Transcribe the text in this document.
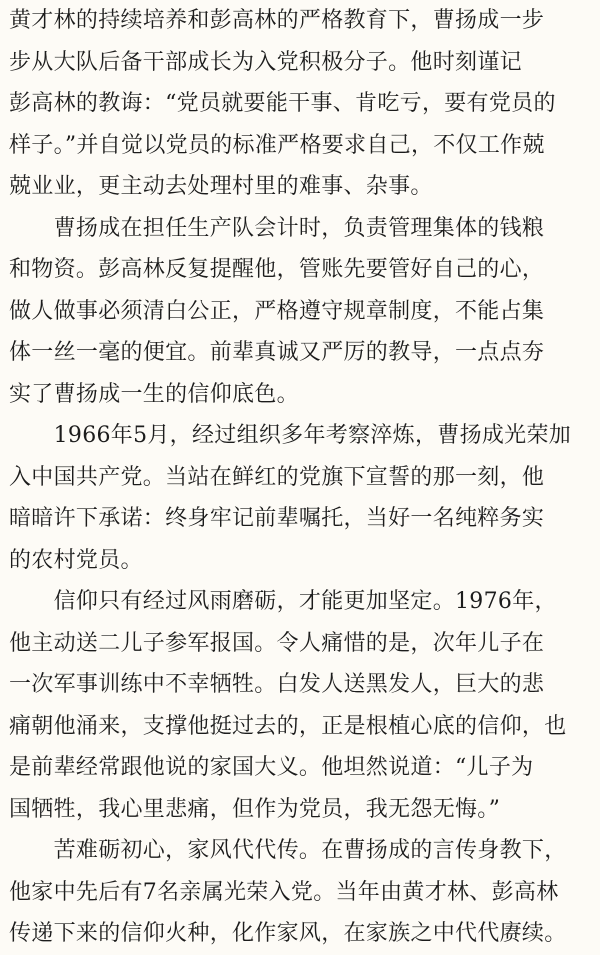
黄才林的持续培养和彭高林的严格教育下，曹扬成一步
步从大队后备干部成长为入党积极分子。他时刻谨记
彭高林的教诲：“党员就要能干事、肯吃亏，要有党员的
样子。”并自觉以党员的标准严格要求自己，不仅工作兢
兢业业，更主动去处理村里的难事、杂事。
　　曹扬成在担任生产队会计时，负责管理集体的钱粮
和物资。彭高林反复提醒他，管账先要管好自己的心，
做人做事必须清白公正，严格遵守规章制度，不能占集
体一丝一毫的便宜。前辈真诚又严厉的教导，一点点夯
实了曹扬成一生的信仰底色。
　　1966年5月，经过组织多年考察淬炼，曹扬成光荣加
入中国共产党。当站在鲜红的党旗下宣誓的那一刻，他
暗暗许下承诺：终身牢记前辈嘱托，当好一名纯粹务实
的农村党员。
　　信仰只有经过风雨磨砺，才能更加坚定。1976年，
他主动送二儿子参军报国。令人痛惜的是，次年儿子在
一次军事训练中不幸牺牲。白发人送黑发人，巨大的悲
痛朝他涌来，支撑他挺过去的，正是根植心底的信仰，也
是前辈经常跟他说的家国大义。他坦然说道：“儿子为
国牺牲，我心里悲痛，但作为党员，我无怨无悔。”
　　苦难砺初心，家风代代传。在曹扬成的言传身教下，
他家中先后有7名亲属光荣入党。当年由黄才林、彭高林
传递下来的信仰火种，化作家风，在家族之中代代赓续。
